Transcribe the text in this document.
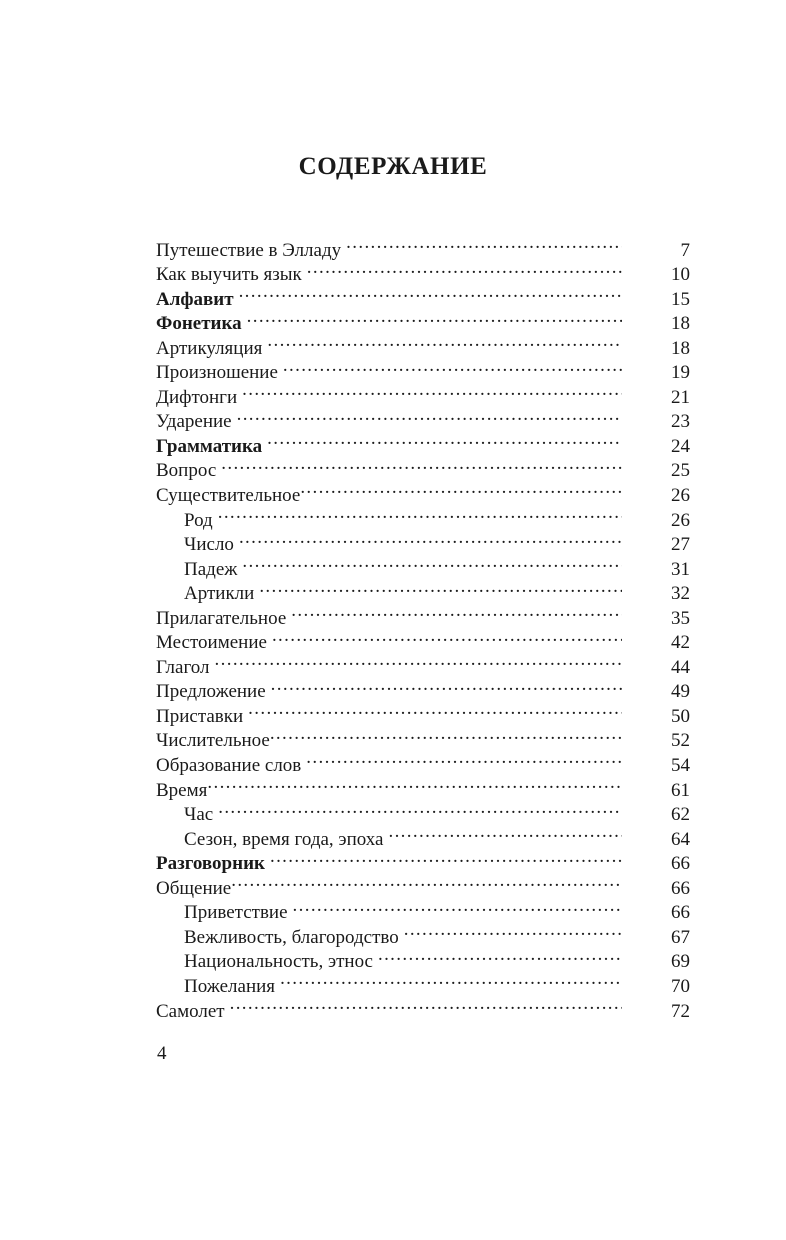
СОДЕРЖАНИЕ
Путешествие в Элладу .....	7
Как выучить язык .....	10
Алфавит .....	15
Фонетика .....	18
Артикуляция .....	18
Произношение .....	19
Дифтонги .....	21
Ударение .....	23
Грамматика .....	24
Вопрос .....	25
Существительное .....	26
Род .....	26
Число .....	27
Падеж .....	31
Артикли .....	32
Прилагательное .....	35
Местоимение .....	42
Глагол .....	44
Предложение .....	49
Приставки .....	50
Числительное .....	52
Образование слов .....	54
Время .....	61
Час .....	62
Сезон, время года, эпоха .....	64
Разговорник .....	66
Общение .....	66
Приветствие .....	66
Вежливость, благородство .....	67
Национальность, этнос .....	69
Пожелания .....	70
Самолет .....	72
4
